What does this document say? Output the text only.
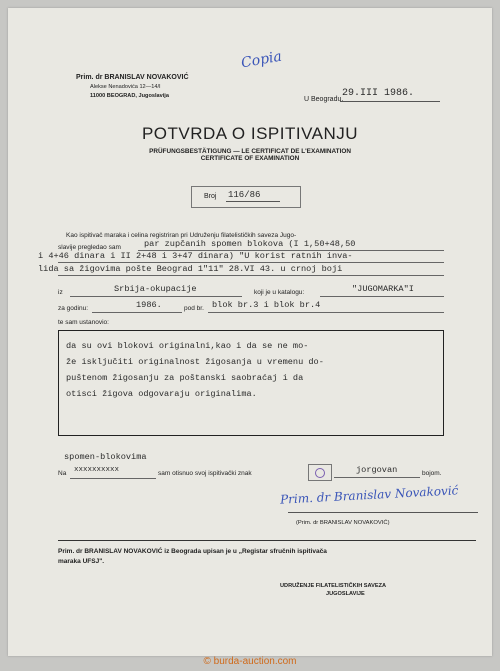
Prim. dr BRANISLAV NOVAKOVIĆ
Alekse Nenadovića 12—14/I
11000 BEOGRAD, Jugoslavija
Copia
U Beogradu,
29.III 1986.
POTVRDA O ISPITIVANJU
PRÜFUNGSBESTÄTIGUNG — LE CERTIFICAT DE L'EXAMINATION
CERTIFICATE OF EXAMINATION
Broj 116/86
Kao ispitivač maraka i celina registriran pri Udruženju filatelističkih saveza Jugo-
slavije pregledao sam	par zupčanih spomen blokova (I 1,50+48,50
i 4+46 dinara i II 2+48 i 3+47 dinara) "U korist ratnih inva-
lida sa žigovima pošte Beograd 1"11" 28.VI 43. u crnoj boji
iz	Srbija-okupacije	koji je u katalogu:	"JUGOMARKA"I
za godinu:	1986.	pod br. blok br.3 i blok br.4
te sam ustanovio:
da su ovi blokovi originalni,kao i da se ne mo-
že isključiti originalnost žigosanja u vremenu do-
puštenom žigosanju za poštanski saobraćaj i da
otisci žigova odgovaraju originalima.
spomen-blokovima
Na xxxxxxxxxx	sam otisnuo svoj ispitivački znak	jorgovan	bojom.
Prim. dr Branislav Novaković
(Prim. dr BRANISLAV NOVAKOVIĆ)
Prim. dr BRANISLAV NOVAKOVIĆ iz Beograda upisan je u „Registar sfručnih ispitivača
maraka UFSJ".
UDRUŽENJE FILATELISTIČKIH SAVEZA
JUGOSLAVIJE
© burda-auction.com
